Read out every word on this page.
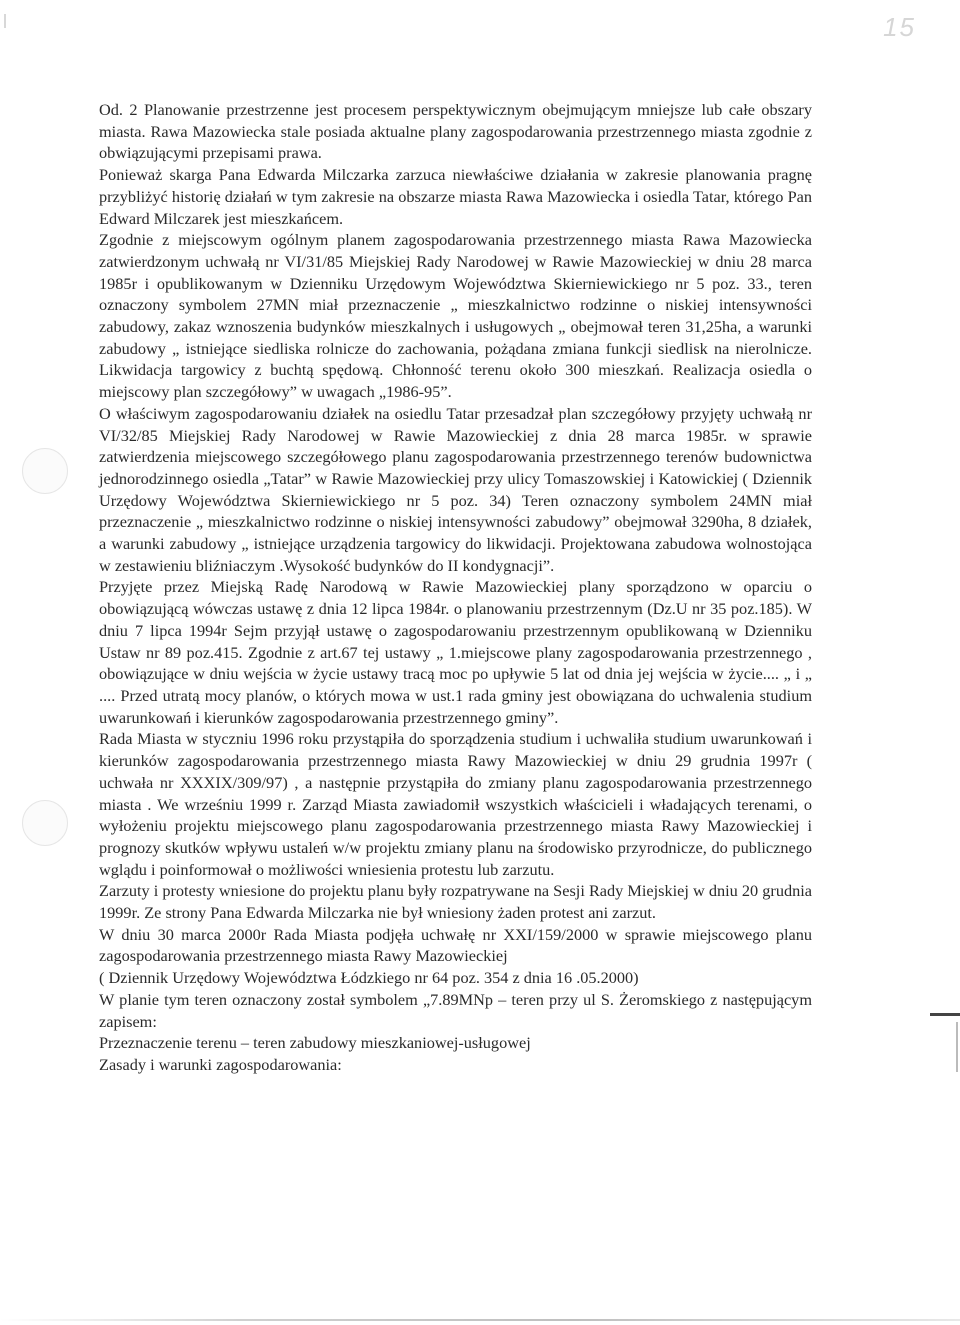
15

Od. 2 Planowanie przestrzenne jest procesem perspektywicznym obejmującym mniejsze lub całe obszary miasta. Rawa Mazowiecka stale posiada aktualne plany zagospodarowania przestrzennego miasta zgodnie z obwiązującymi przepisami prawa.

Ponieważ skarga Pana Edwarda Milczarka zarzuca niewłaściwe działania w zakresie planowania pragnę przybliżyć historię działań w tym zakresie na obszarze miasta Rawa Mazowiecka i osiedla Tatar, którego Pan Edward Milczarek jest mieszkańcem.

Zgodnie z miejscowym ogólnym planem zagospodarowania przestrzennego miasta Rawa Mazowiecka zatwierdzonym uchwałą nr VI/31/85 Miejskiej Rady Narodowej w Rawie Mazowieckiej w dniu 28 marca 1985r i opublikowanym w Dzienniku Urzędowym Województwa Skierniewickiego nr 5 poz. 33., teren oznaczony symbolem 27MN miał przeznaczenie „ mieszkalnictwo rodzinne o niskiej intensywności zabudowy, zakaz wznoszenia budynków mieszkalnych i usługowych „ obejmował teren 31,25ha, a warunki zabudowy „ istniejące siedliska rolnicze do zachowania, pożądana zmiana funkcji siedlisk na nierolnicze. Likwidacja targowicy z buchtą spędową. Chłonność terenu około 300 mieszkań. Realizacja osiedla o miejscowy plan szczegółowy” w uwagach „1986-95”.

O właściwym zagospodarowaniu działek na osiedlu Tatar przesadzał plan szczegółowy przyjęty uchwałą nr VI/32/85 Miejskiej Rady Narodowej w Rawie Mazowieckiej z dnia 28 marca 1985r. w sprawie zatwierdzenia miejscowego szczegółowego planu zagospodarowania przestrzennego terenów budownictwa jednorodzinnego osiedla „Tatar” w Rawie Mazowieckiej przy ulicy Tomaszowskiej i Katowickiej ( Dziennik Urzędowy Województwa Skierniewickiego nr 5 poz. 34) Teren oznaczony symbolem 24MN miał przeznaczenie „ mieszkalnictwo rodzinne o niskiej intensywności zabudowy” obejmował 3290ha, 8 działek, a warunki zabudowy „ istniejące urządzenia targowicy do likwidacji. Projektowana zabudowa wolnostojąca w zestawieniu bliźniaczym .Wysokość budynków do II kondygnacji”.

Przyjęte przez Miejską Radę Narodową w Rawie Mazowieckiej plany sporządzono w oparciu o obowiązującą wówczas ustawę z dnia 12 lipca 1984r. o planowaniu przestrzennym (Dz.U nr 35 poz.185). W dniu 7 lipca 1994r Sejm przyjął ustawę o zagospodarowaniu przestrzennym opublikowaną w Dzienniku Ustaw nr 89 poz.415. Zgodnie z art.67 tej ustawy „ 1.miejscowe plany zagospodarowania przestrzennego , obowiązujące w dniu wejścia w życie ustawy tracą moc po upływie 5 lat od dnia jej wejścia w życie.... „ i „ .... Przed utratą mocy planów, o których mowa w ust.1 rada gminy jest obowiązana do uchwalenia studium uwarunkowań i kierunków zagospodarowania przestrzennego gminy”.

Rada Miasta w styczniu 1996 roku przystąpiła do sporządzenia studium i uchwaliła studium uwarunkowań i kierunków zagospodarowania przestrzennego miasta Rawy Mazowieckiej w dniu 29 grudnia 1997r ( uchwała nr XXXIX/309/97) , a następnie przystąpiła do zmiany planu zagospodarowania przestrzennego miasta . We wrześniu 1999 r. Zarząd Miasta zawiadomił wszystkich właścicieli i władających terenami, o wyłożeniu projektu miejscowego planu zagospodarowania przestrzennego miasta Rawy Mazowieckiej i prognozy skutków wpływu ustaleń w/w projektu zmiany planu na środowisko przyrodnicze, do publicznego wglądu i poinformował o możliwości wniesienia protestu lub zarzutu.

Zarzuty i protesty wniesione do projektu planu były rozpatrywane na Sesji Rady Miejskiej w dniu 20 grudnia 1999r. Ze strony Pana Edwarda Milczarka nie był wniesiony żaden protest ani zarzut.

W dniu 30 marca 2000r Rada Miasta podjęła uchwałę nr XXI/159/2000 w sprawie miejscowego planu zagospodarowania przestrzennego miasta Rawy Mazowieckiej

( Dziennik Urzędowy Województwa Łódzkiego nr 64 poz. 354 z dnia 16 .05.2000)

W planie tym teren oznaczony został symbolem „7.89MNp – teren przy ul S. Żeromskiego z następującym zapisem:

Przeznaczenie terenu – teren zabudowy mieszkaniowej-usługowej

Zasady i warunki zagospodarowania:
